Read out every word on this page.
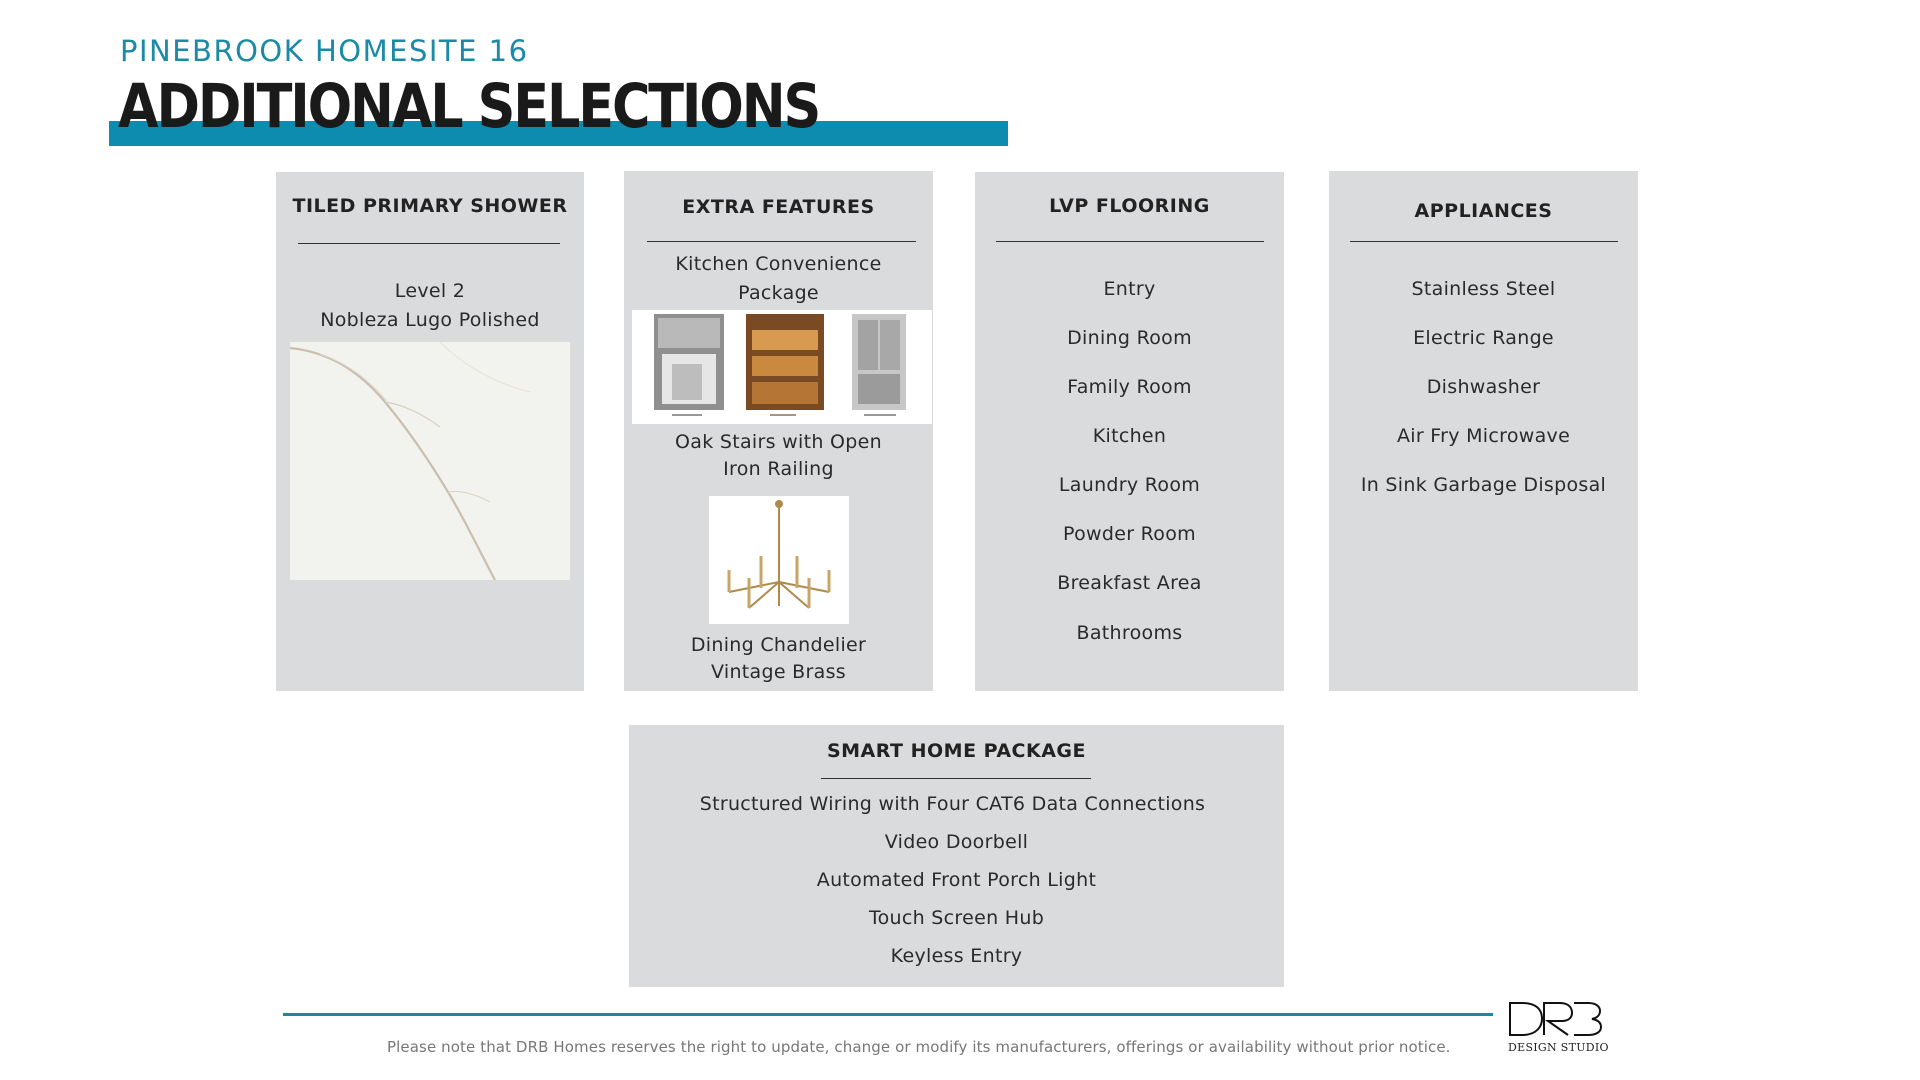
PINEBROOK HOMESITE 16
ADDITIONAL SELECTIONS
TILED PRIMARY SHOWER
Level 2
Nobleza Lugo Polished
EXTRA FEATURES
Kitchen Convenience
Package
Oak Stairs with Open
Iron Railing
Dining Chandelier
Vintage Brass
LVP FLOORING
Entry
Dining Room
Family Room
Kitchen
Laundry Room
Powder Room
Breakfast Area
Bathrooms
APPLIANCES
Stainless Steel
Electric Range
Dishwasher
Air Fry Microwave
In Sink Garbage Disposal
SMART HOME PACKAGE
Structured Wiring with Four CAT6 Data Connections
Video Doorbell
Automated Front Porch Light
Touch Screen Hub
Keyless Entry
Please note that DRB Homes reserves the right to update, change or modify its manufacturers, offerings or availability without prior notice.	DESIGN STUDIO
